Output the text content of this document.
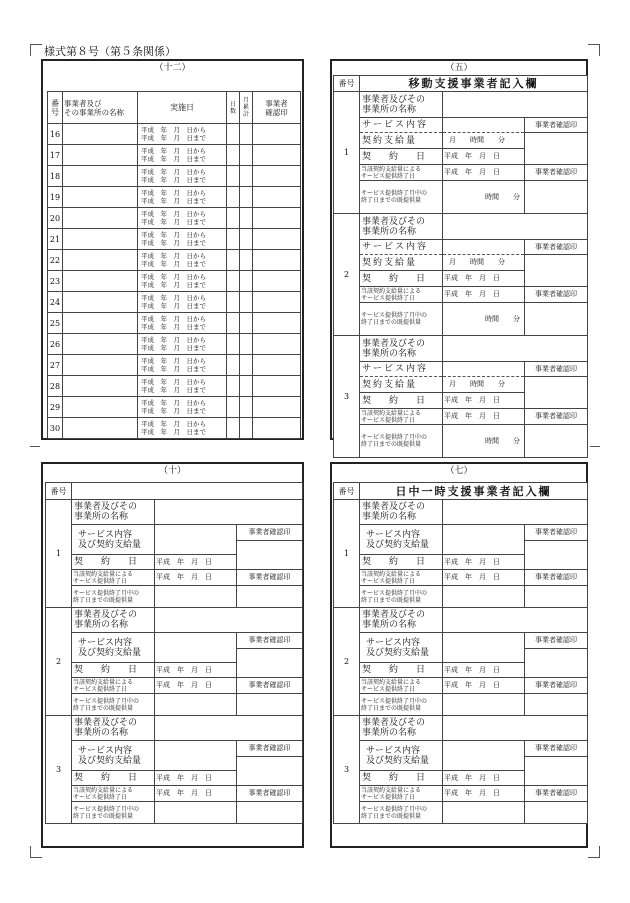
様式第８号（第５条関係）
（十二）
番
号	事業者及び
その事業所の名称	実施日	日
数	月
累
計	事業者
確認印
16		平成　年　月　日から
平成　年　月　日まで			

17		平成　年　月　日から
平成　年　月　日まで			

18		平成　年　月　日から
平成　年　月　日まで			

19		平成　年　月　日から
平成　年　月　日まで			

20		平成　年　月　日から
平成　年　月　日まで			

21		平成　年　月　日から
平成　年　月　日まで			

22		平成　年　月　日から
平成　年　月　日まで			

23		平成　年　月　日から
平成　年　月　日まで			

24		平成　年　月　日から
平成　年　月　日まで			

25		平成　年　月　日から
平成　年　月　日まで			

26		平成　年　月　日から
平成　年　月　日まで			

27		平成　年　月　日から
平成　年　月　日まで			

28		平成　年　月　日から
平成　年　月　日まで			

29		平成　年　月　日から
平成　年　月　日まで			

30		平成　年　月　日から
平成　年　月　日まで			

（五）
番号	移動支援事業者記入欄		
1	事業者及びその
事業所の名称		
	サービス内容		事業者確認印
	契約支給量	月　　時間　　分	
	契　　約　　日	平成　年　月　日	
	当該契約支給量による
サービス提供終了日	平成　年　月　日	事業者確認印
	サービス提供終了月中の
終了日までの既提供量	時間　　分	

2	事業者及びその
事業所の名称		
	サービス内容		事業者確認印
	契約支給量	月　　時間　　分	
	契　　約　　日	平成　年　月　日	
	当該契約支給量による
サービス提供終了日	平成　年　月　日	事業者確認印
	サービス提供終了月中の
終了日までの既提供量	時間　　分	

3	事業者及びその
事業所の名称		
	サービス内容		事業者確認印
	契約支給量	月　　時間　　分	
	契　　約　　日	平成　年　月　日	
	当該契約支給量による
サービス提供終了日	平成　年　月　日	事業者確認印
	サービス提供終了月中の
終了日までの既提供量	時間　　分	

（十）
番号			
1	事業者及びその
事業所の名称		
	サービス内容
及び契約支給量		事業者確認印

	契　　約　　日	平成　年　月　日	
	当該契約支給量による
サービス提供終了日	平成　年　月　日	事業者確認印
	サービス提供終了月中の
終了日までの既提供量		

2	事業者及びその
事業所の名称		
	サービス内容
及び契約支給量		事業者確認印

	契　　約　　日	平成　年　月　日	
	当該契約支給量による
サービス提供終了日	平成　年　月　日	事業者確認印
	サービス提供終了月中の
終了日までの既提供量		

3	事業者及びその
事業所の名称		
	サービス内容
及び契約支給量		事業者確認印

	契　　約　　日	平成　年　月　日	
	当該契約支給量による
サービス提供終了日	平成　年　月　日	事業者確認印
	サービス提供終了月中の
終了日までの既提供量		

（七）
番号	日中一時支援事業者記入欄		
1	事業者及びその
事業所の名称		
	サービス内容
及び契約支給量		事業者確認印

	契　　約　　日	平成　年　月　日	
	当該契約支給量による
サービス提供終了日	平成　年　月　日	事業者確認印
	サービス提供終了月中の
終了日までの既提供量		

2	事業者及びその
事業所の名称		
	サービス内容
及び契約支給量		事業者確認印

	契　　約　　日	平成　年　月　日	
	当該契約支給量による
サービス提供終了日	平成　年　月　日	事業者確認印
	サービス提供終了月中の
終了日までの既提供量		

3	事業者及びその
事業所の名称		
	サービス内容
及び契約支給量		事業者確認印

	契　　約　　日	平成　年　月　日	
	当該契約支給量による
サービス提供終了日	平成　年　月　日	事業者確認印
	サービス提供終了月中の
終了日までの既提供量		
